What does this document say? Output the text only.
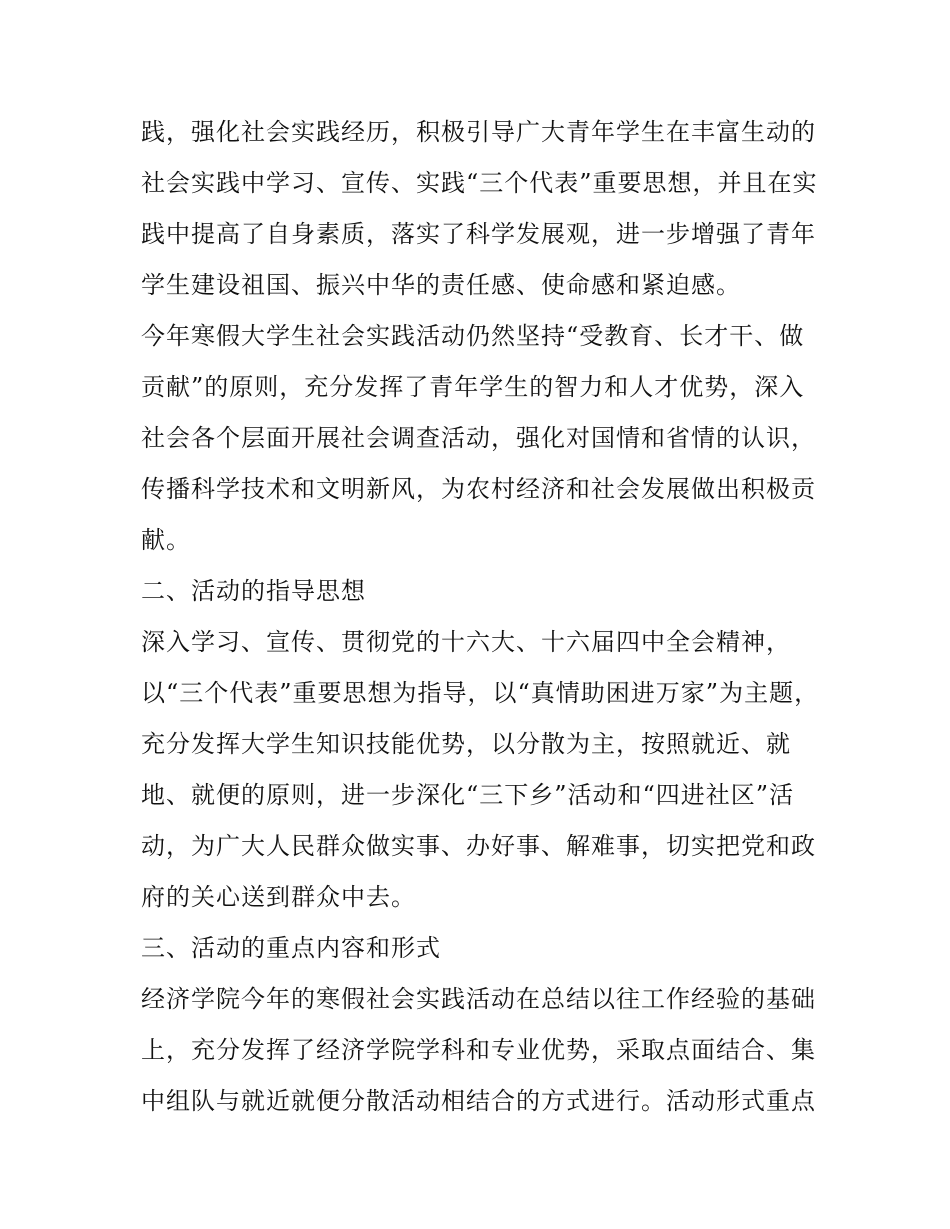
践，强化社会实践经历，积极引导广大青年学生在丰富生动的
社会实践中学习、宣传、实践“三个代表”重要思想，并且在实
践中提高了自身素质，落实了科学发展观，进一步增强了青年
学生建设祖国、振兴中华的责任感、使命感和紧迫感。
今年寒假大学生社会实践活动仍然坚持“受教育、长才干、做
贡献”的原则，充分发挥了青年学生的智力和人才优势，深入
社会各个层面开展社会调查活动，强化对国情和省情的认识，
传播科学技术和文明新风，为农村经济和社会发展做出积极贡
献。
二、活动的指导思想
深入学习、宣传、贯彻党的十六大、十六届四中全会精神，
以“三个代表”重要思想为指导，以“真情助困进万家”为主题，
充分发挥大学生知识技能优势，以分散为主，按照就近、就
地、就便的原则，进一步深化“三下乡”活动和“四进社区”活
动，为广大人民群众做实事、办好事、解难事，切实把党和政
府的关心送到群众中去。
三、活动的重点内容和形式
经济学院今年的寒假社会实践活动在总结以往工作经验的基础
上，充分发挥了经济学院学科和专业优势，采取点面结合、集
中组队与就近就便分散活动相结合的方式进行。活动形式重点
